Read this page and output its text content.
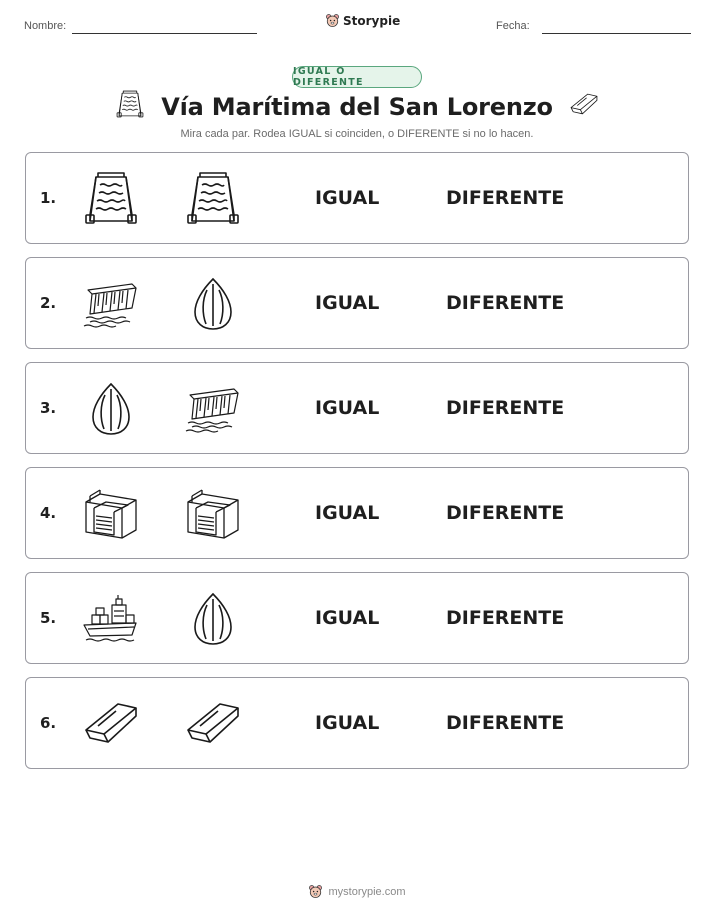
Nombre:	Storypie	Fecha:
IGUAL O DIFERENTE
Vía Marítima del San Lorenzo
Mira cada par. Rodea IGUAL si coinciden, o DIFERENTE si no lo hacen.
1.	IGUAL	DIFERENTE
2.	IGUAL	DIFERENTE
3.	IGUAL	DIFERENTE
4.	IGUAL	DIFERENTE
5.	IGUAL	DIFERENTE
6.	IGUAL	DIFERENTE
mystorypie.com
